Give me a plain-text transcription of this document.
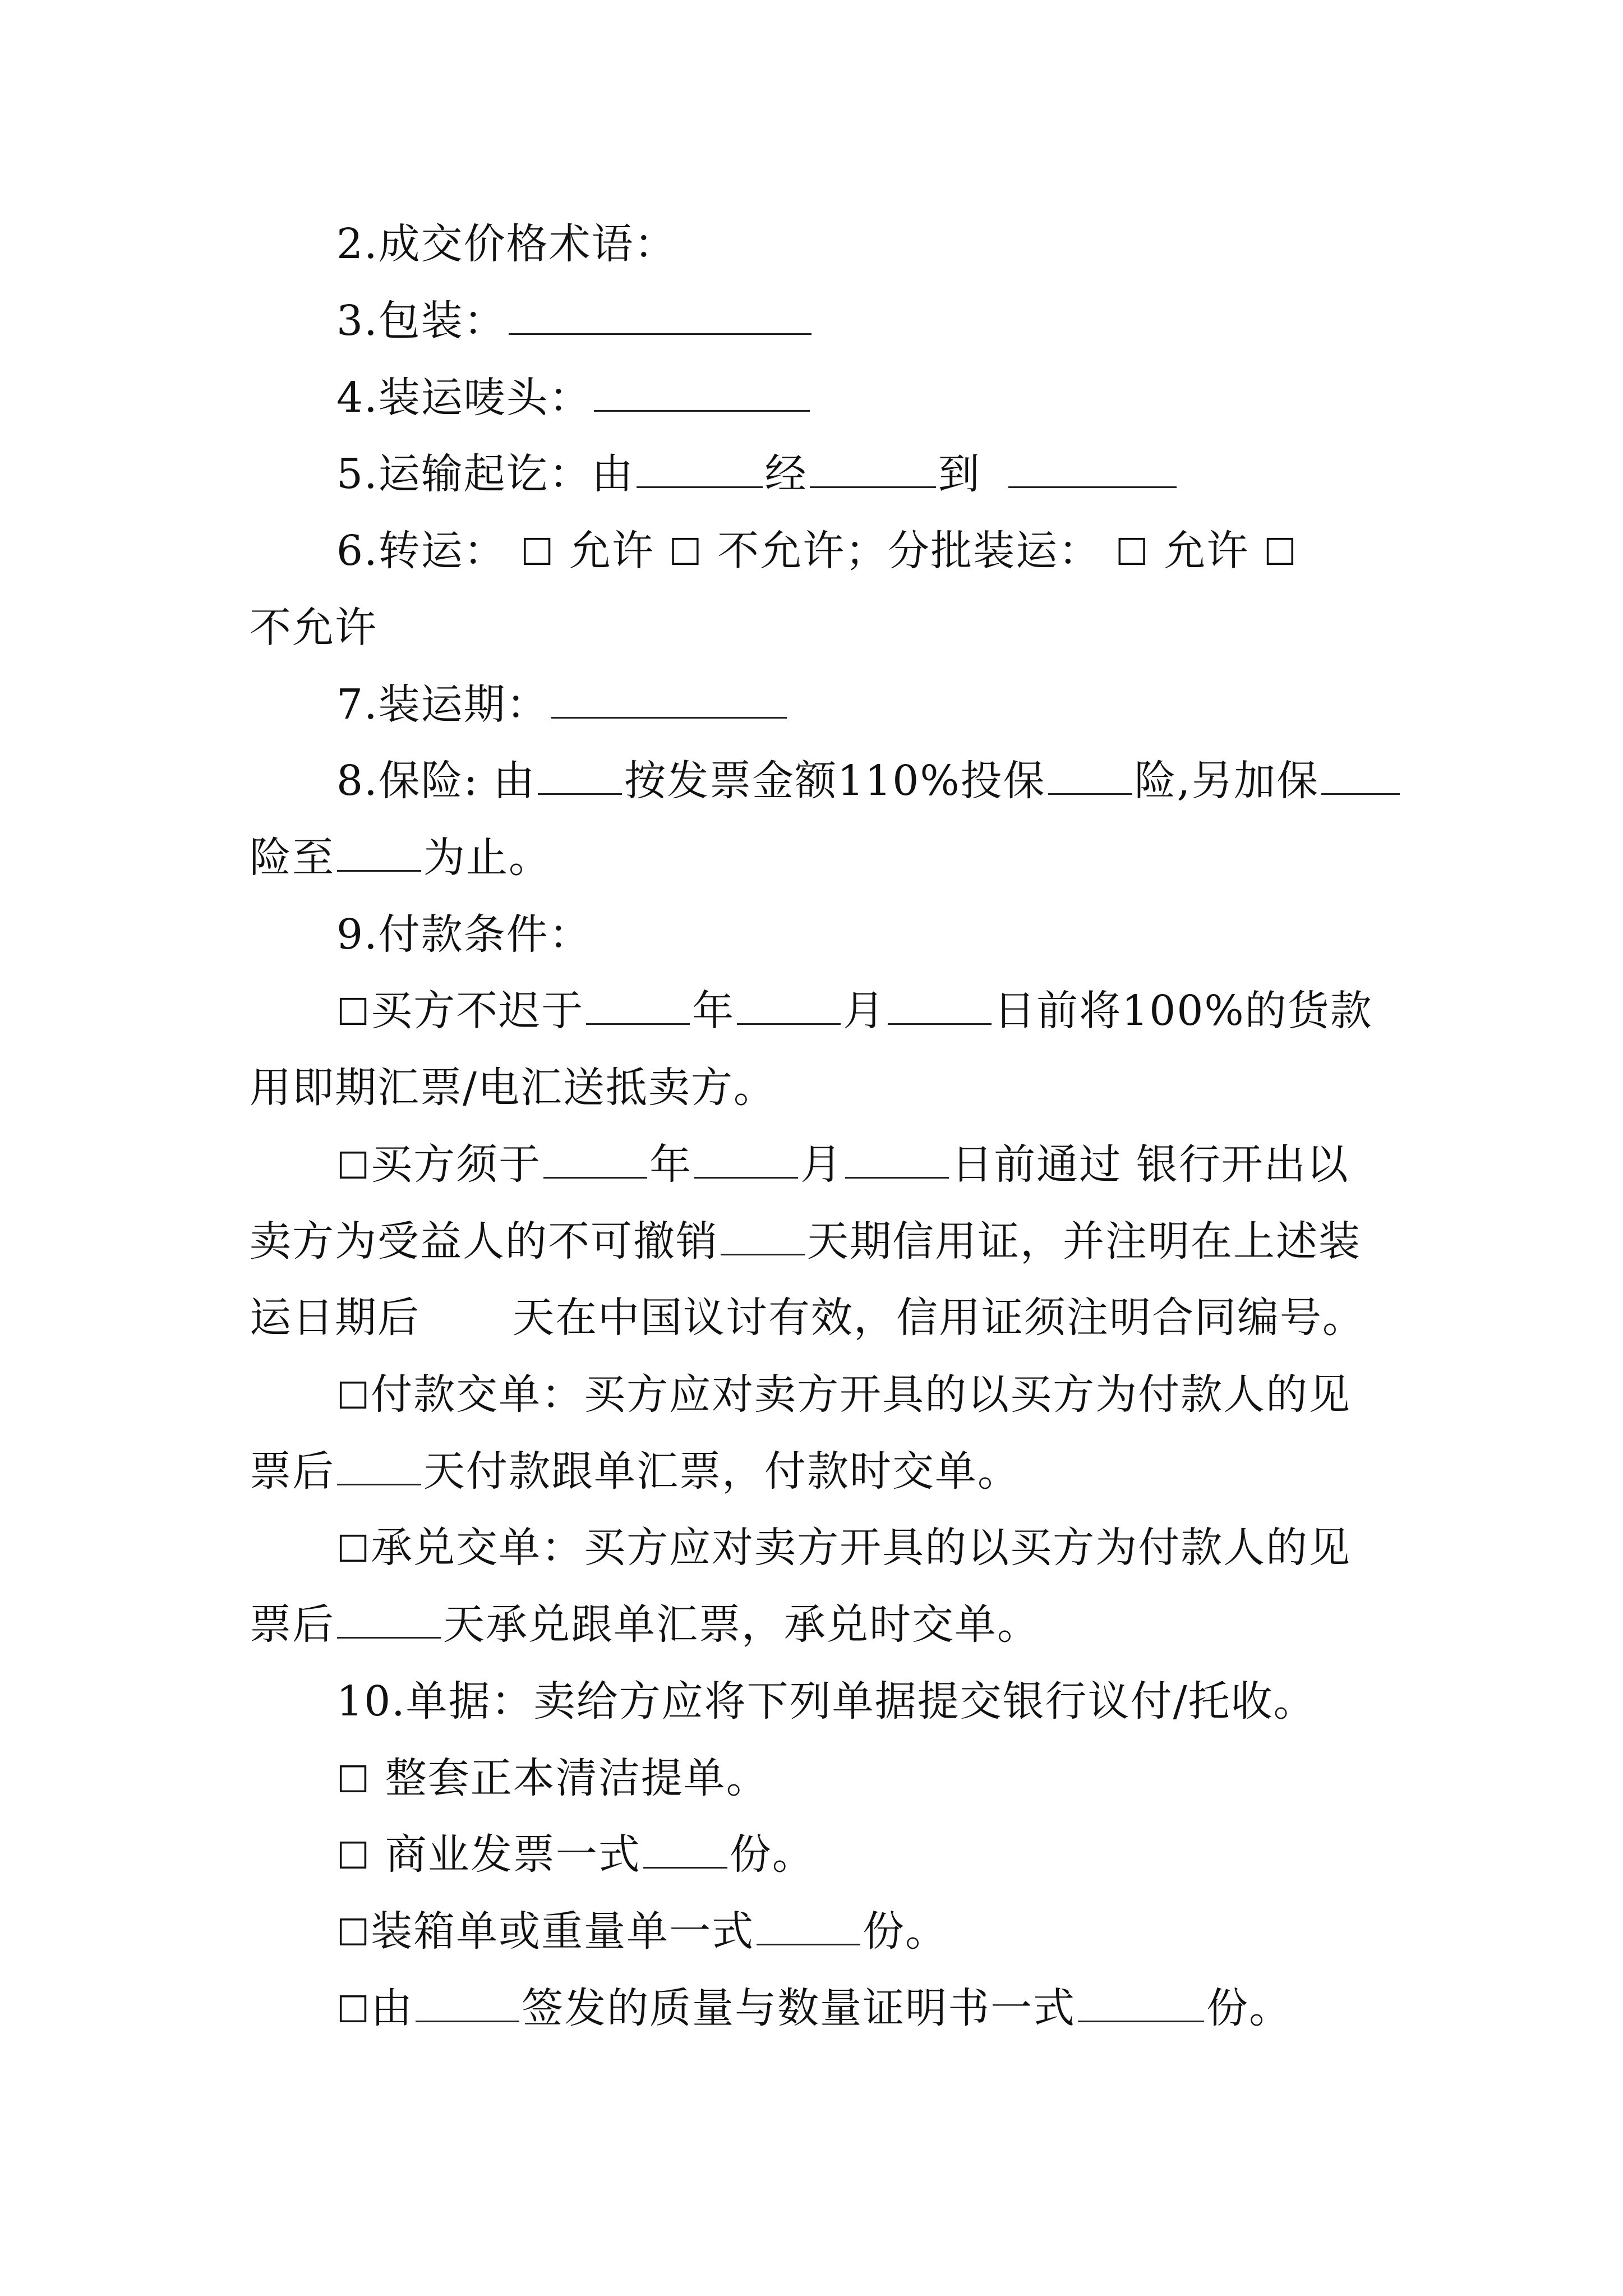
2.成交价格术语：
3.包装：
4.装运唛头：
5.运输起讫：由	经	到
6.转运： ☐ 允许 ☐ 不允许；分批装运： ☐ 允许 ☐
不允许
7.装运期：
8.保险: 由 按发票金额110%投保 险,另加保
险至 为止。
9.付款条件：
☐买方不迟于	年	月	日前将100%的货款
用即期汇票/电汇送抵卖方。
☐买方须于	年	月	日前通过 银行开出以
卖方为受益人的不可撤销 天期信用证，并注明在上述装
运日期后 天在中国议讨有效，信用证须注明合同编号。
☐付款交单：买方应对卖方开具的以买方为付款人的见
票后 天付款跟单汇票，付款时交单。
☐承兑交单：买方应对卖方开具的以买方为付款人的见
票后	天承兑跟单汇票，承兑时交单。
10.单据：卖给方应将下列单据提交银行议付/托收。
☐ 整套正本清洁提单。
☐ 商业发票一式 份。
☐装箱单或重量单一式	份。
☐由	签发的质量与数量证明书一式	份。
